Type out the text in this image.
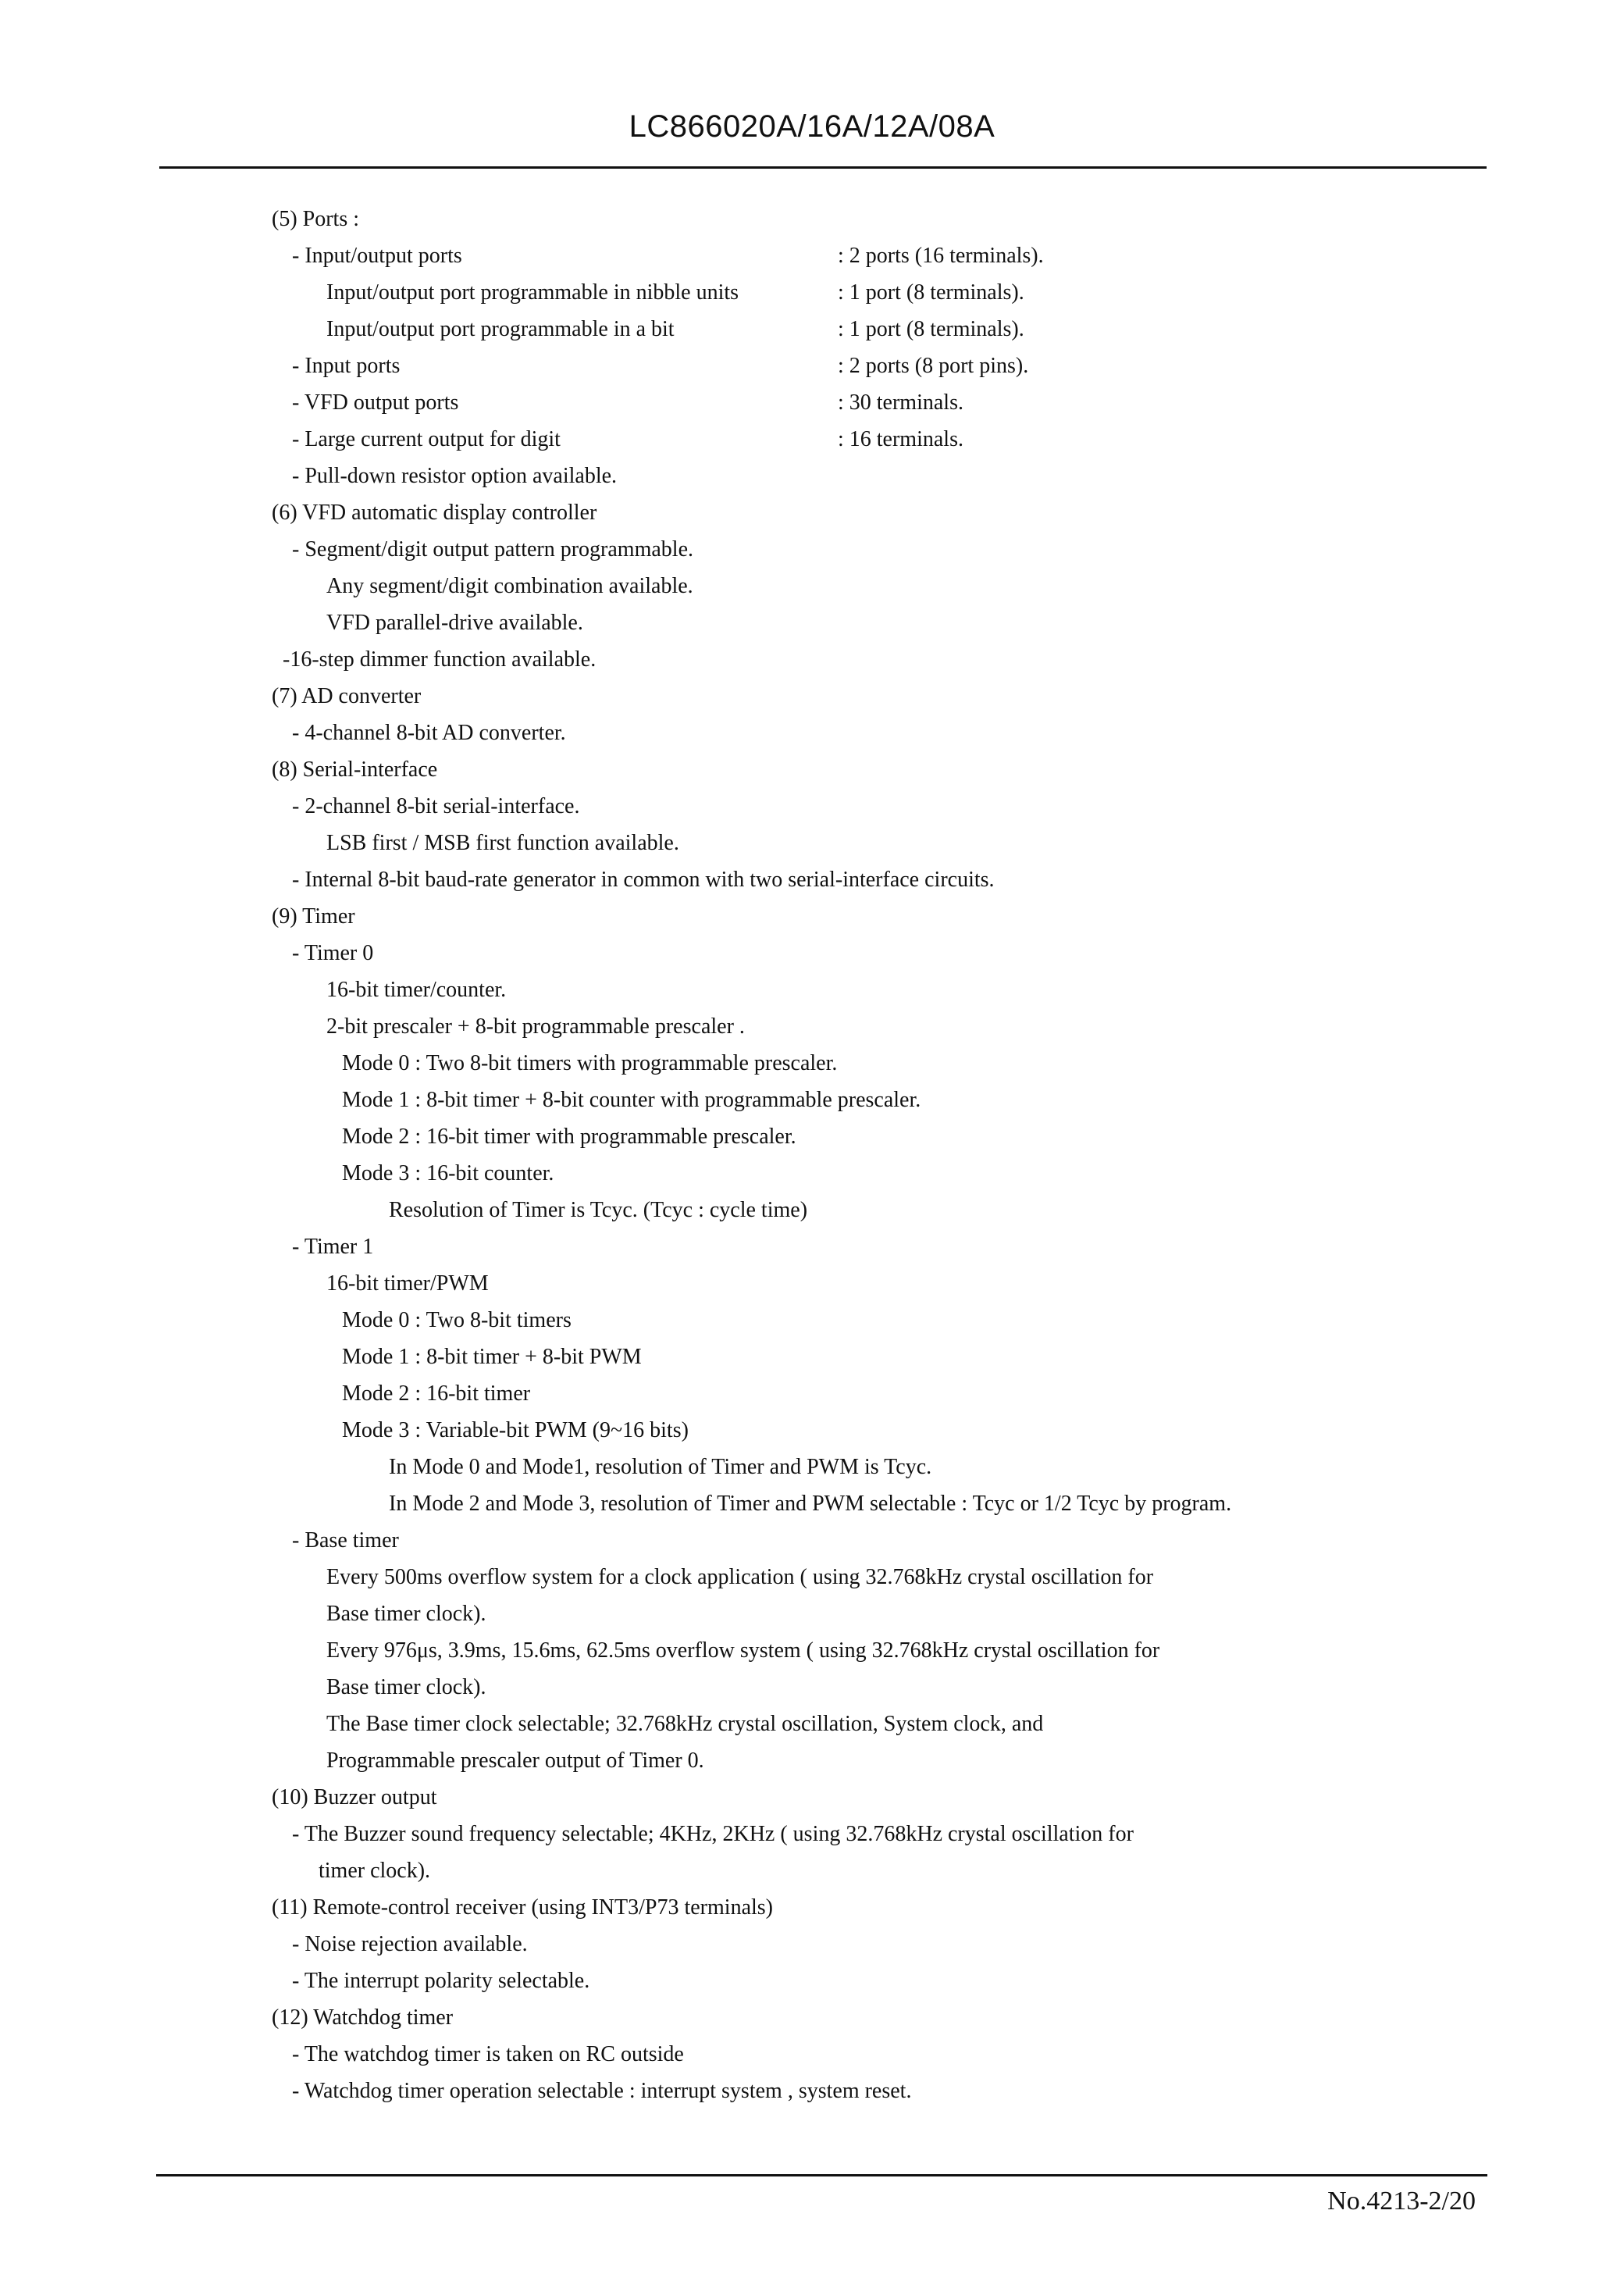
LC866020A/16A/12A/08A
(5) Ports :
- Input/output ports	: 2 ports (16 terminals).
Input/output port programmable in nibble units	: 1 port (8 terminals).
Input/output port programmable in a bit	: 1 port (8 terminals).
- Input ports	: 2 ports (8 port pins).
- VFD output ports	: 30 terminals.
- Large current output for digit	: 16 terminals.
- Pull-down resistor option available.
(6) VFD automatic display controller
- Segment/digit output pattern programmable.
Any segment/digit combination available.
VFD parallel-drive available.
-16-step dimmer function available.
(7) AD converter
- 4-channel 8-bit AD converter.
(8) Serial-interface
- 2-channel 8-bit serial-interface.
LSB first / MSB first function available.
- Internal 8-bit baud-rate generator in common with two serial-interface circuits.
(9) Timer
- Timer 0
16-bit timer/counter.
2-bit prescaler + 8-bit programmable prescaler .
Mode 0 : Two 8-bit timers with programmable prescaler.
Mode 1 : 8-bit timer + 8-bit counter with programmable prescaler.
Mode 2 : 16-bit timer with programmable prescaler.
Mode 3 : 16-bit counter.
Resolution of Timer is Tcyc. (Tcyc : cycle time)
- Timer 1
16-bit timer/PWM
Mode 0 : Two 8-bit timers
Mode 1 : 8-bit timer + 8-bit PWM
Mode 2 : 16-bit timer
Mode 3 : Variable-bit PWM (9~16 bits)
In Mode 0 and Mode1, resolution of Timer and PWM is Tcyc.
In Mode 2 and Mode 3, resolution of Timer and PWM selectable : Tcyc or 1/2 Tcyc by program.
- Base timer
Every 500ms overflow system for a clock application ( using 32.768kHz crystal oscillation for
Base timer clock).
Every 976μs, 3.9ms, 15.6ms, 62.5ms overflow system ( using 32.768kHz crystal oscillation for
Base timer clock).
The Base timer clock selectable; 32.768kHz crystal oscillation, System clock, and
Programmable prescaler output of Timer 0.
(10) Buzzer output
- The Buzzer sound frequency selectable; 4KHz, 2KHz ( using 32.768kHz crystal oscillation for
timer clock).
(11) Remote-control receiver (using INT3/P73 terminals)
- Noise rejection available.
- The interrupt polarity selectable.
(12) Watchdog timer
- The watchdog timer is taken on RC outside
- Watchdog timer operation selectable : interrupt system , system reset.
No.4213-2/20
